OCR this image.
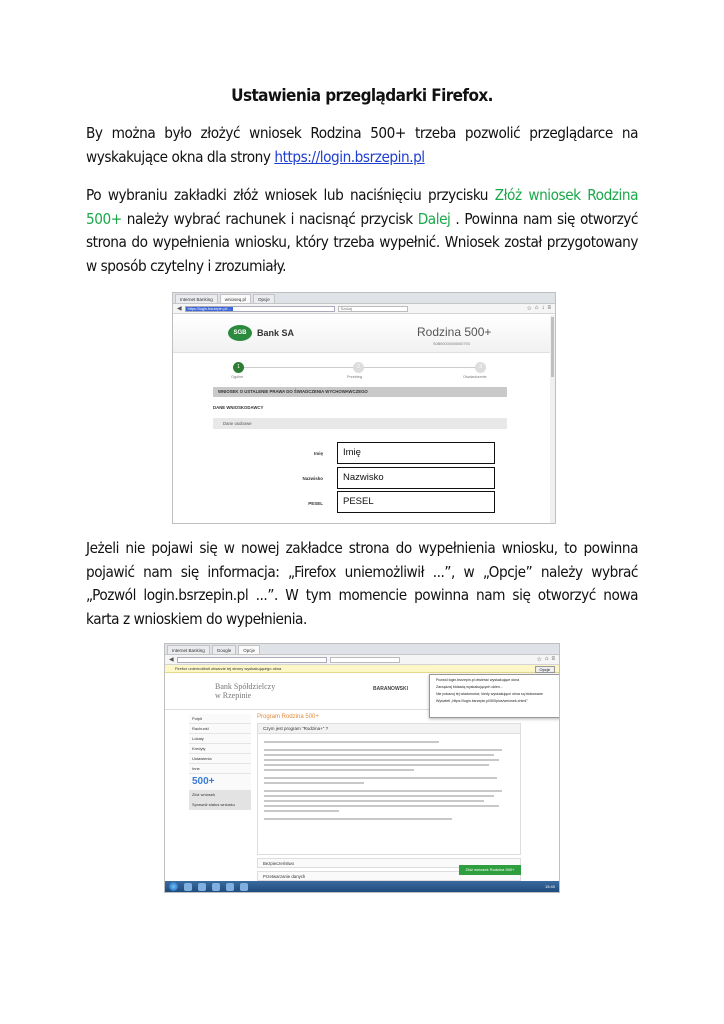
Ustawienia przeglądarki Firefox.
By można było złożyć wniosek Rodzina 500+ trzeba pozwolić przeglądarce na wyskakujące okna dla strony https://login.bsrzepin.pl
Po wybraniu zakładki złóż wniosek lub naciśnięciu przycisku Złóż wniosek Rodzina 500+ należy wybrać rachunek i nacisnąć przycisk Dalej . Powinna nam się otworzyć strona do wypełnienia wniosku, który trzeba wypełnić. Wniosek został przygotowany w sposób czytelny i zrozumiały.
Jeżeli nie pojawi się w nowej zakładce strona do wypełnienia wniosku, to powinna pojawić nam się informacja: „Firefox uniemożliwił ...”, w „Opcje” należy wybrać „Pozwól login.bsrzepin.pl ...”. W tym momencie powinna nam się otworzyć nowa karta z wnioskiem do wypełnienia.
Internet Banking	wnioseq.pl	Opcje
◀	https://login.bsrzepin.pl/...	Szukaj	☆ ⌂ ↓ ≡
SGB	Bank SA	Rodzina 500+
S0B00000000000793
1	2	3
Ogólne	Przebieg	Oświadczenie
WNIOSEK O USTALENIE PRAWA DO ŚWIADCZENIA WYCHOWAWCZEGO
DANE WNIOSKODAWCY
Dane osobowe
Imię	Imię
Nazwisko	Nazwisko
PESEL	PESEL
Internet Banking	Google	Opcje
◀	☆ ⌂ ≡
Firefox uniemożliwił otwarcie tej strony wyskakującego okna
Bank Spółdzielczy
w Rzepinie
BARANOWSKI
Opcje
Pozwól login.bsrzepin.pl otwierać wyskakujące okna
Zarządzaj blokadą wyskakujących okien...
Nie pokazuj tej wiadomości, kiedy wyskakujące okna są blokowane
Wyświetl „https://login.bsrzepin.pl/500plus/wniosek.xhtml”
Pulpit
Rachunki
Lokaty
Kredyty
Ustawienia
Inne
500+
Złóż wniosek
Sprawdź status wniosku
Program Rodzina 500+
Czym jest program "Rodzina+" ?
Bezpieczeństwo
Przetwarzanie danych
Złóż wniosek Rodzina 500+
15:40
